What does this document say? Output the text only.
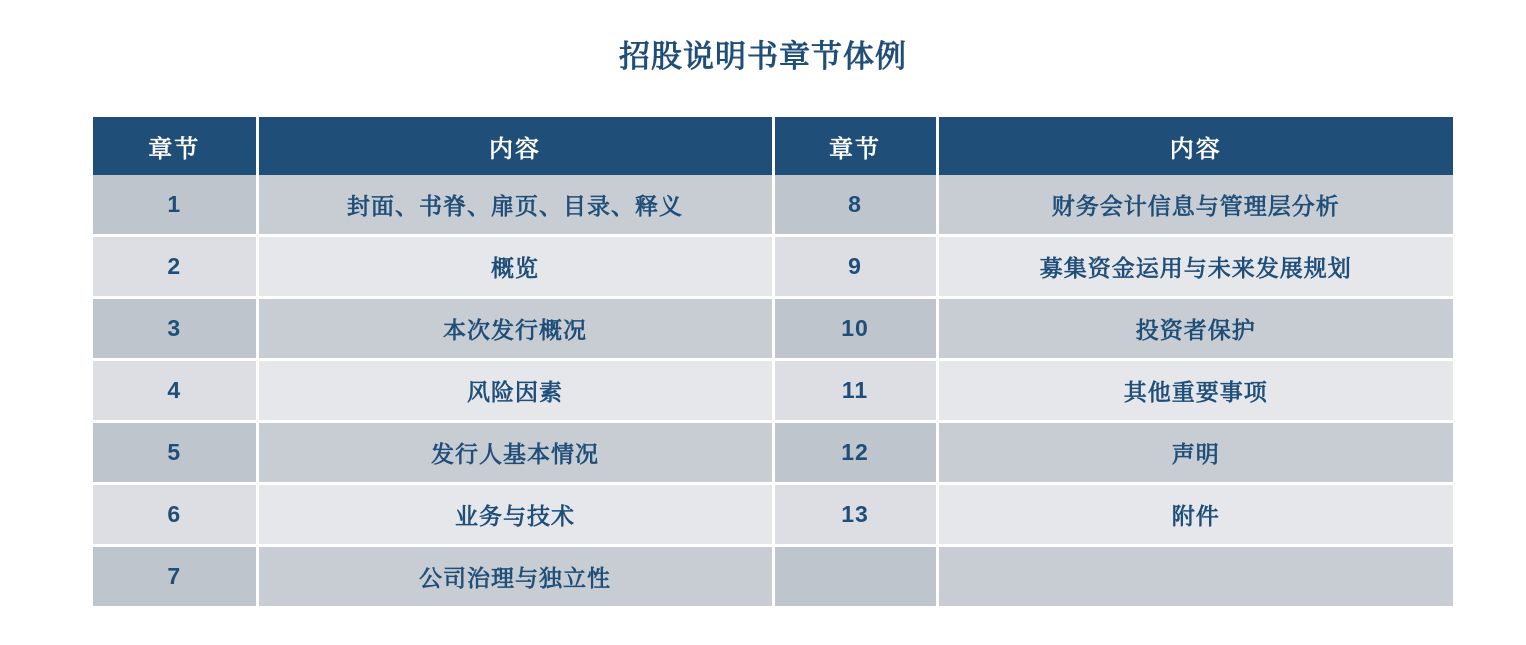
招股说明书章节体例
章节	内容	章节	内容
1	封面、书脊、扉页、目录、释义	8	财务会计信息与管理层分析
2	概览	9	募集资金运用与未来发展规划
3	本次发行概况	10	投资者保护
4	风险因素	11	其他重要事项
5	发行人基本情况	12	声明
6	业务与技术	13	附件
7	公司治理与独立性		
